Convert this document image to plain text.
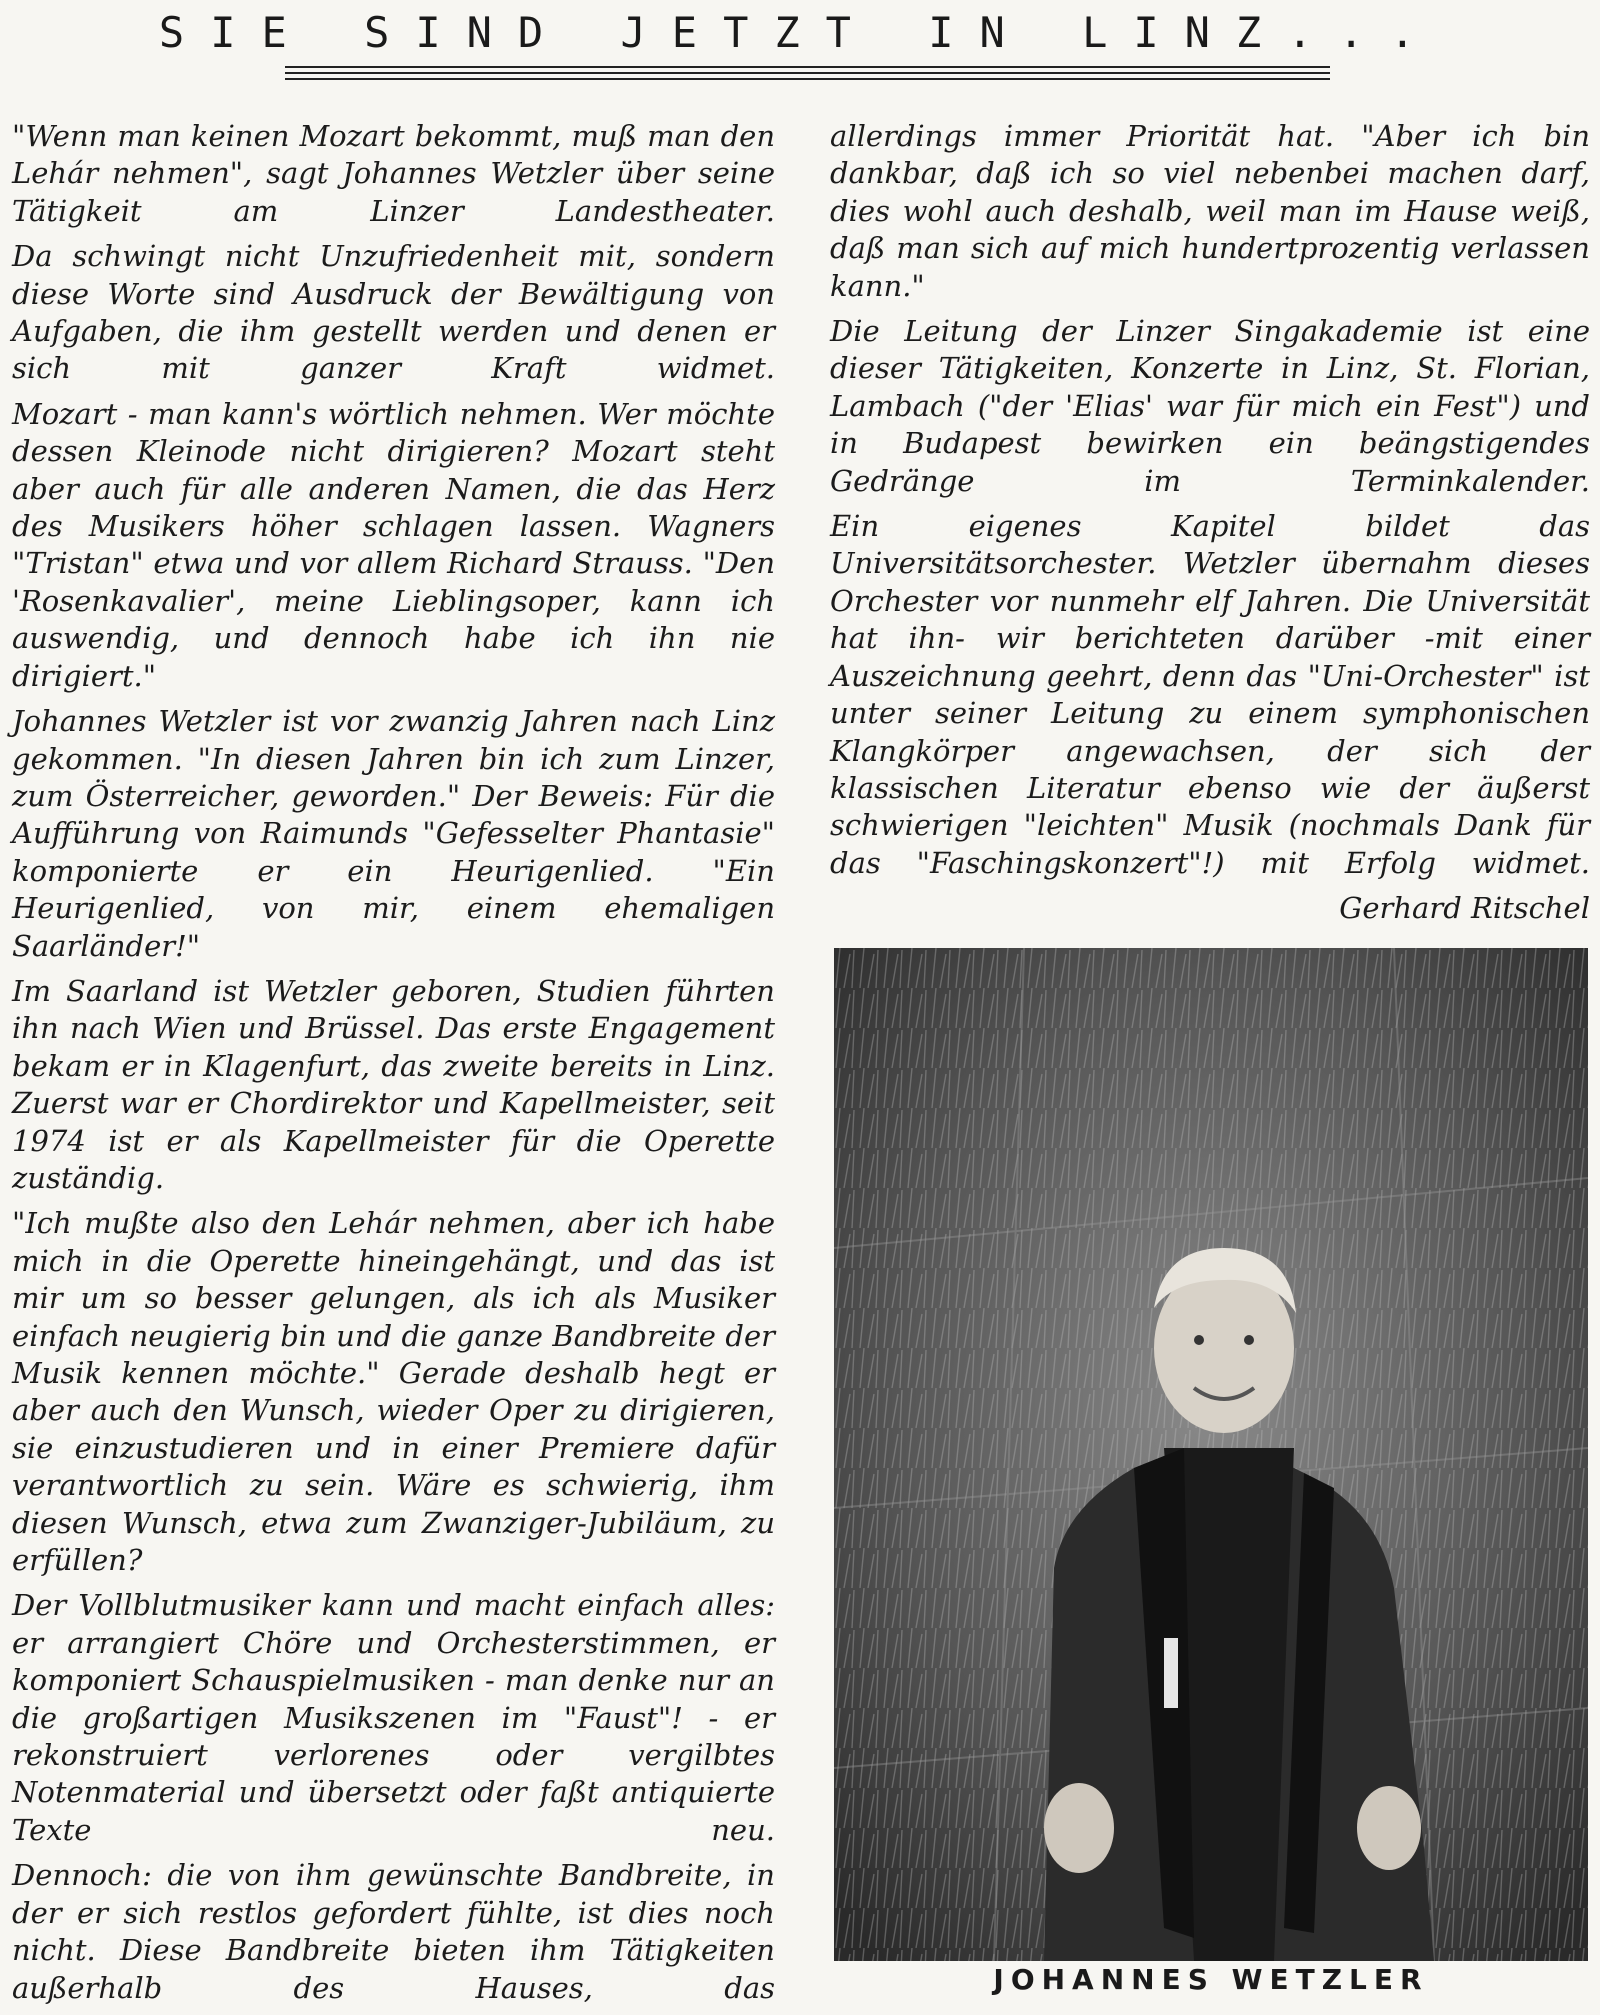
SIE SIND JETZT IN LINZ...

"Wenn man keinen Mozart bekommt, muß man den Lehár nehmen", sagt Johannes Wetzler über seine Tätigkeit am Linzer Landestheater.

Da schwingt nicht Unzufriedenheit mit, sondern diese Worte sind Ausdruck der Bewältigung von Aufgaben, die ihm gestellt werden und denen er sich mit ganzer Kraft widmet.

Mozart - man kann's wörtlich nehmen. Wer möchte dessen Kleinode nicht dirigieren? Mozart steht aber auch für alle anderen Namen, die das Herz des Musikers höher schlagen lassen. Wagners "Tristan" etwa und vor allem Richard Strauss. "Den 'Rosenkavalier', meine Lieblingsoper, kann ich auswendig, und dennoch habe ich ihn nie dirigiert."

Johannes Wetzler ist vor zwanzig Jahren nach Linz gekommen. "In diesen Jahren bin ich zum Linzer, zum Österreicher, geworden." Der Beweis: Für die Aufführung von Raimunds "Gefesselter Phantasie" komponierte er ein Heurigenlied. "Ein Heurigenlied, von mir, einem ehemaligen Saarländer!"

Im Saarland ist Wetzler geboren, Studien führten ihn nach Wien und Brüssel. Das erste Engagement bekam er in Klagenfurt, das zweite bereits in Linz. Zuerst war er Chordirektor und Kapellmeister, seit 1974 ist er als Kapellmeister für die Operette zuständig.

"Ich mußte also den Lehár nehmen, aber ich habe mich in die Operette hineingehängt, und das ist mir um so besser gelungen, als ich als Musiker einfach neugierig bin und die ganze Bandbreite der Musik kennen möchte." Gerade deshalb hegt er aber auch den Wunsch, wieder Oper zu dirigieren, sie einzustudieren und in einer Premiere dafür verantwortlich zu sein. Wäre es schwierig, ihm diesen Wunsch, etwa zum Zwanziger-Jubiläum, zu erfüllen?

Der Vollblutmusiker kann und macht einfach alles: er arrangiert Chöre und Orchesterstimmen, er komponiert Schauspielmusiken - man denke nur an die großartigen Musikszenen im "Faust"! - er rekonstruiert verlorenes oder vergilbtes Notenmaterial und übersetzt oder faßt antiquierte Texte neu.

Dennoch: die von ihm gewünschte Bandbreite, in der er sich restlos gefordert fühlte, ist dies noch nicht. Diese Bandbreite bieten ihm Tätigkeiten außerhalb des Hauses, das

allerdings immer Priorität hat. "Aber ich bin dankbar, daß ich so viel nebenbei machen darf, dies wohl auch deshalb, weil man im Hause weiß, daß man sich auf mich hundertprozentig verlassen kann."

Die Leitung der Linzer Singakademie ist eine dieser Tätigkeiten, Konzerte in Linz, St. Florian, Lambach ("der 'Elias' war für mich ein Fest") und in Budapest bewirken ein beängstigendes Gedränge im Terminkalender.

Ein eigenes Kapitel bildet das Universitätsorchester. Wetzler übernahm dieses Orchester vor nunmehr elf Jahren. Die Universität hat ihn- wir berichteten darüber -mit einer Auszeichnung geehrt, denn das "Uni-Orchester" ist unter seiner Leitung zu einem symphonischen Klangkörper angewachsen, der sich der klassischen Literatur ebenso wie der äußerst schwierigen "leichten" Musik (nochmals Dank für das "Faschingskonzert"!) mit Erfolg widmet.

Gerhard Ritschel
JOHANNES WETZLER
